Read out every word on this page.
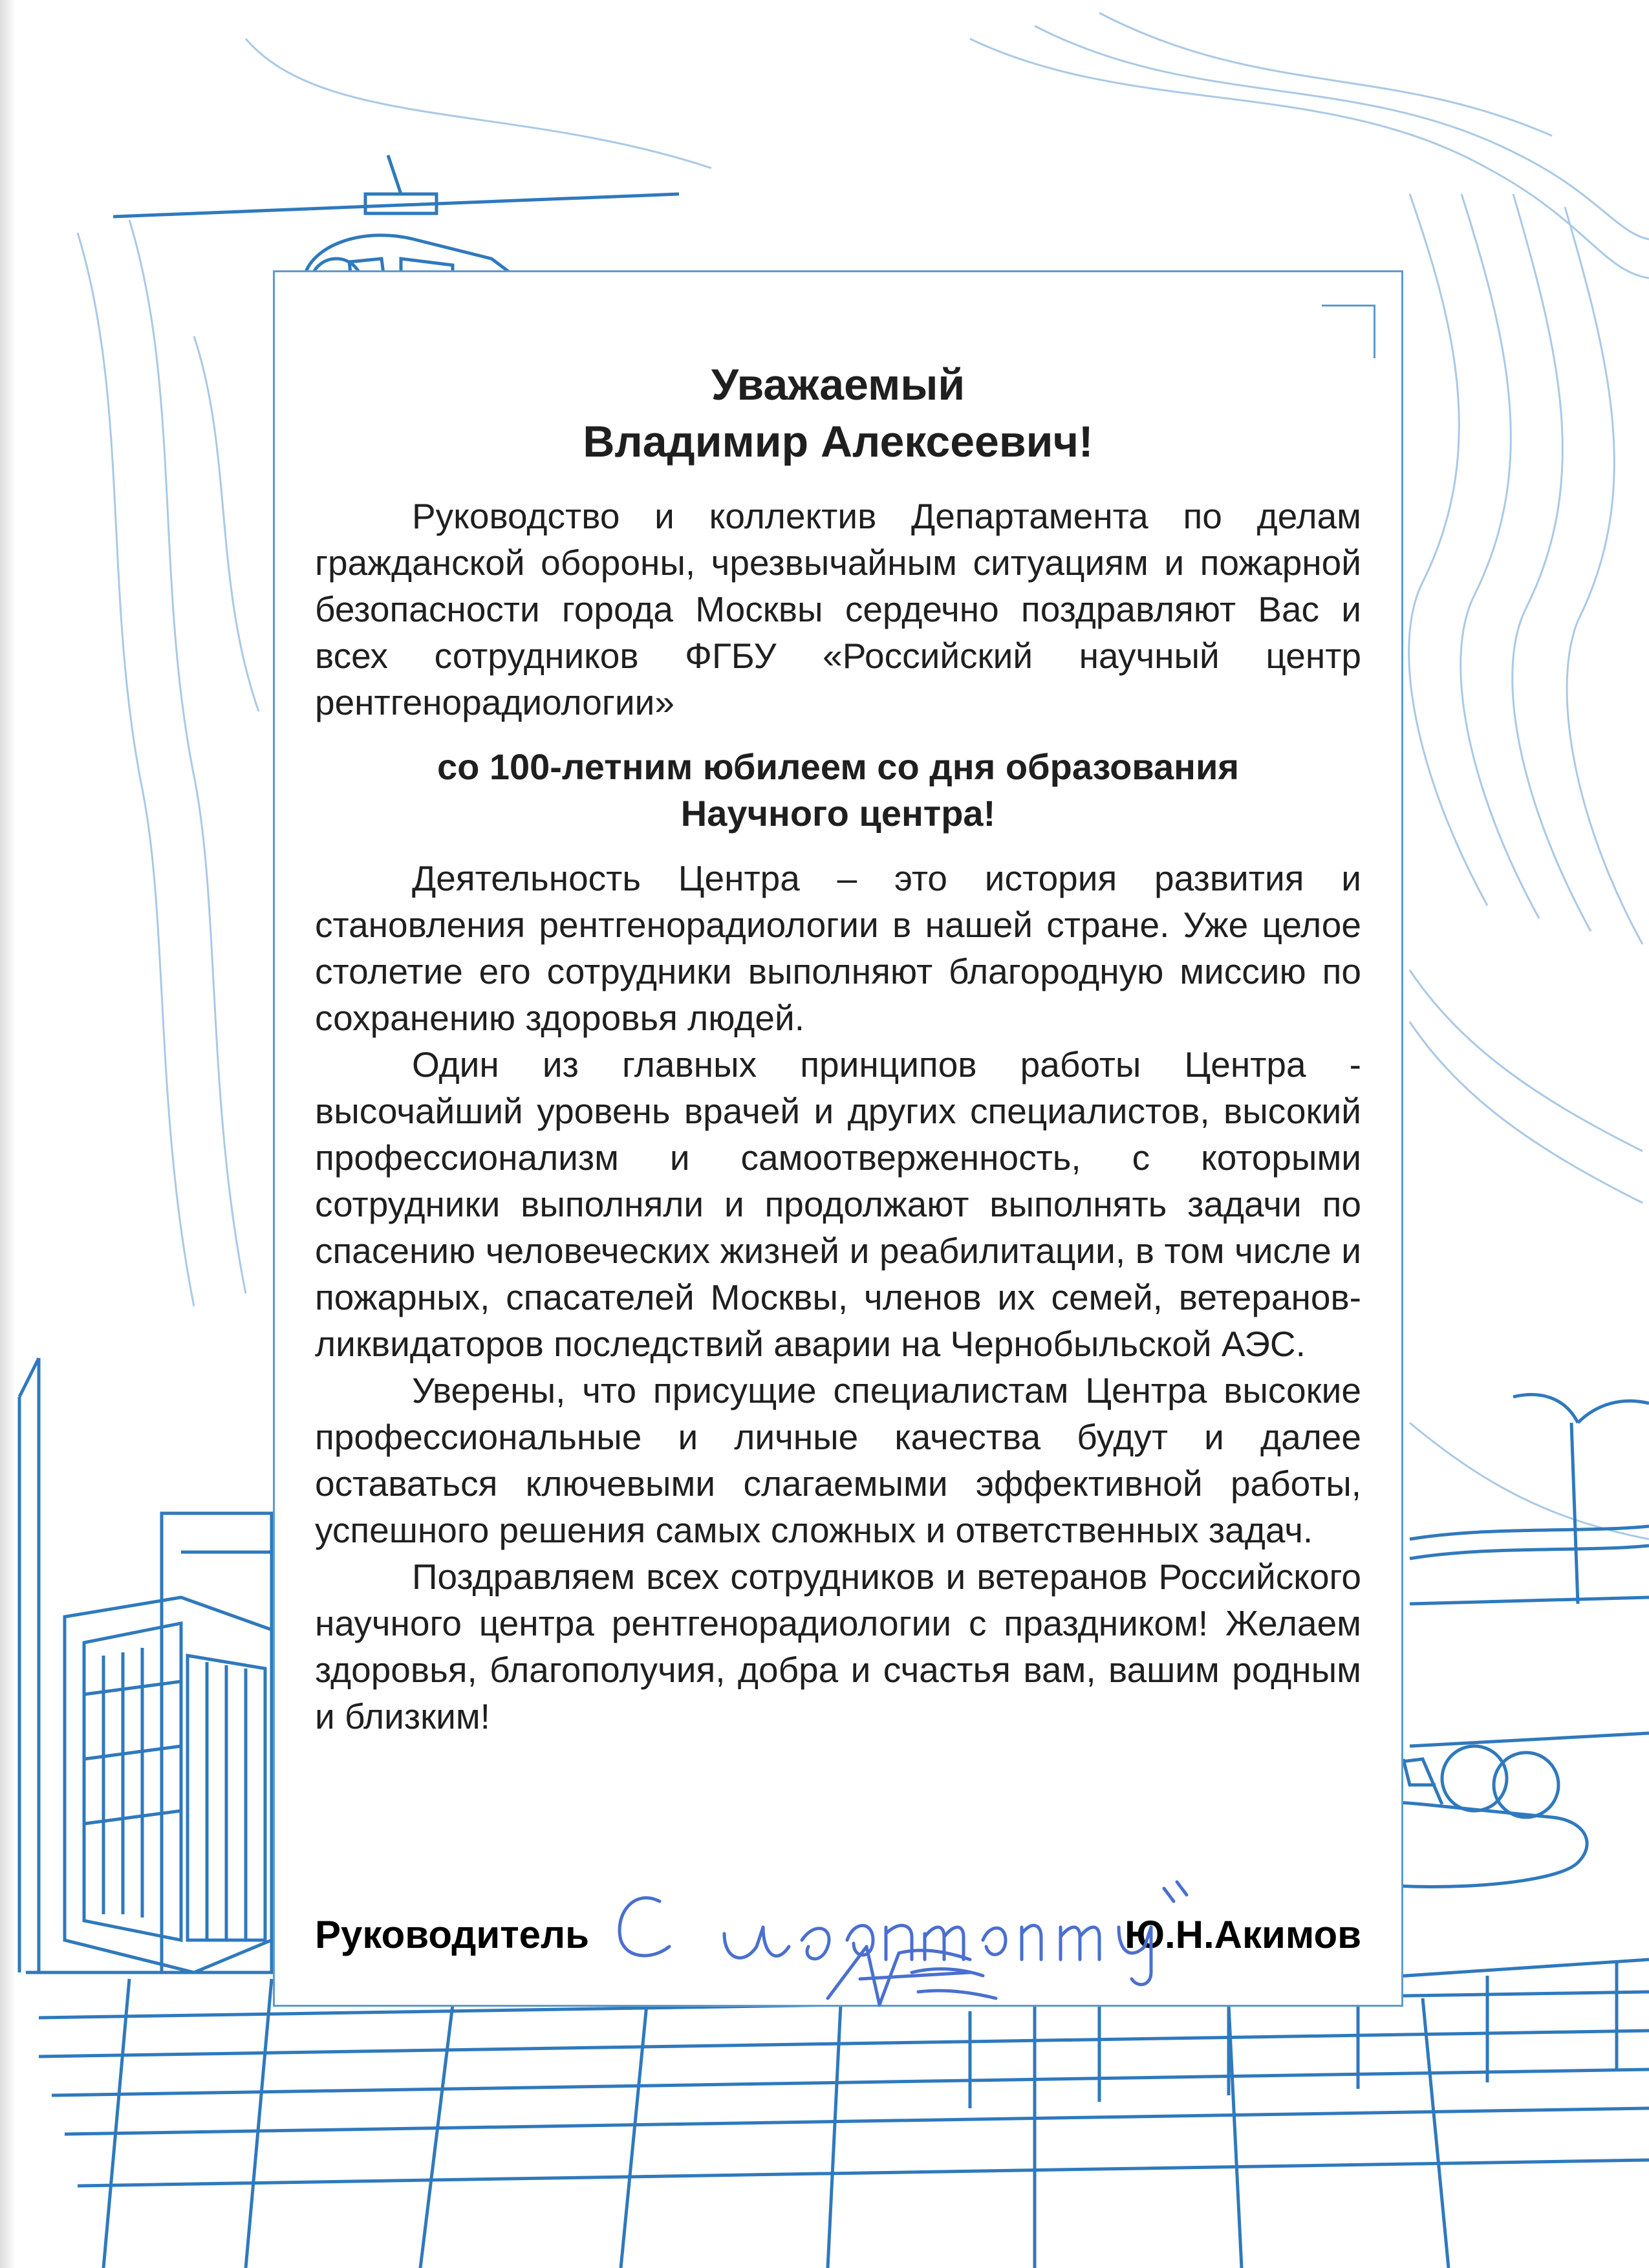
Уважаемый
Владимир Алексеевич!

Руководство и коллектив Департамента по делам гражданской обороны, чрезвычайным ситуациям и пожарной безопасности города Москвы сердечно поздравляют Вас и всех сотрудников ФГБУ «Российский научный центр рентгенорадиологии»

со 100-летним юбилеем со дня образования
Научного центра!

Деятельность Центра – это история развития и становления рентгенорадиологии в нашей стране. Уже целое столетие его сотрудники выполняют благородную миссию по сохранению здоровья людей.

Один из главных принципов работы Центра - высочайший уровень врачей и других специалистов, высокий профессионализм и самоотверженность, с которыми сотрудники выполняли и продолжают выполнять задачи по спасению человеческих жизней и реабилитации, в том числе и пожарных, спасателей Москвы, членов их семей, ветеранов-ликвидаторов последствий аварии на Чернобыльской АЭС.

Уверены, что присущие специалистам Центра высокие профессиональные и личные качества будут и далее оставаться ключевыми слагаемыми эффективной работы, успешного решения самых сложных и ответственных задач.

Поздравляем всех сотрудников и ветеранов Российского научного центра рентгенорадиологии с праздником! Желаем здоровья, благополучия, добра и счастья вам, вашим родным и близким!

Руководитель	Ю.Н.Акимов
